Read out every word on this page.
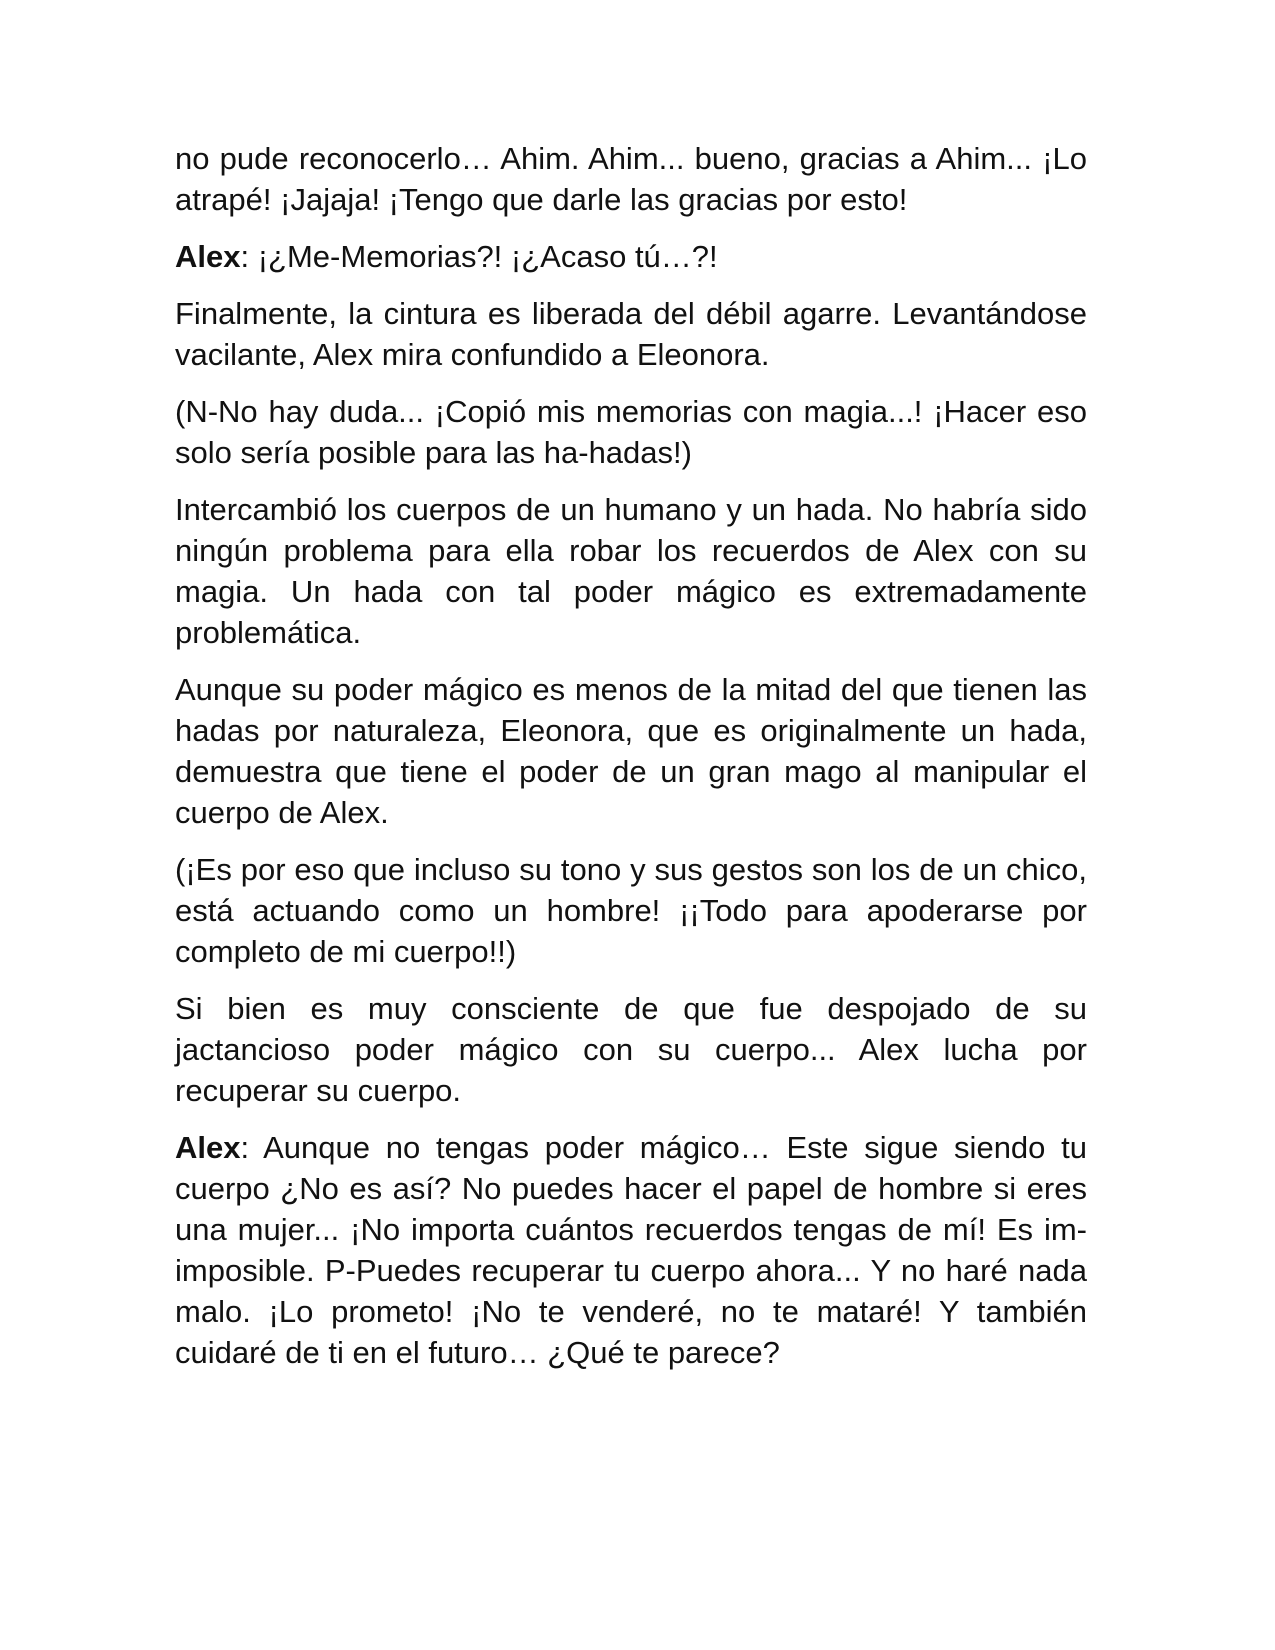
no pude reconocerlo… Ahim. Ahim... bueno, gracias a Ahim... ¡Lo atrapé! ¡Jajaja! ¡Tengo que darle las gracias por esto!

Alex: ¡¿Me-Memorias?! ¡¿Acaso tú…?!

Finalmente, la cintura es liberada del débil agarre. Levantándose vacilante, Alex mira confundido a Eleonora.

(N-No hay duda... ¡Copió mis memorias con magia...! ¡Hacer eso solo sería posible para las ha-hadas!)

Intercambió los cuerpos de un humano y un hada. No habría sido ningún problema para ella robar los recuerdos de Alex con su magia. Un hada con tal poder mágico es extremadamente problemática.

Aunque su poder mágico es menos de la mitad del que tienen las hadas por naturaleza, Eleonora, que es originalmente un hada, demuestra que tiene el poder de un gran mago al manipular el cuerpo de Alex.

(¡Es por eso que incluso su tono y sus gestos son los de un chico, está actuando como un hombre! ¡¡Todo para apoderarse por completo de mi cuerpo!!)

Si bien es muy consciente de que fue despojado de su jactancioso poder mágico con su cuerpo... Alex lucha por recuperar su cuerpo.

Alex: Aunque no tengas poder mágico… Este sigue siendo tu cuerpo ¿No es así? No puedes hacer el papel de hombre si eres una mujer... ¡No importa cuántos recuerdos tengas de mí! Es im-imposible. P-Puedes recuperar tu cuerpo ahora... Y no haré nada malo. ¡Lo prometo! ¡No te venderé, no te mataré! Y también cuidaré de ti en el futuro… ¿Qué te parece?
